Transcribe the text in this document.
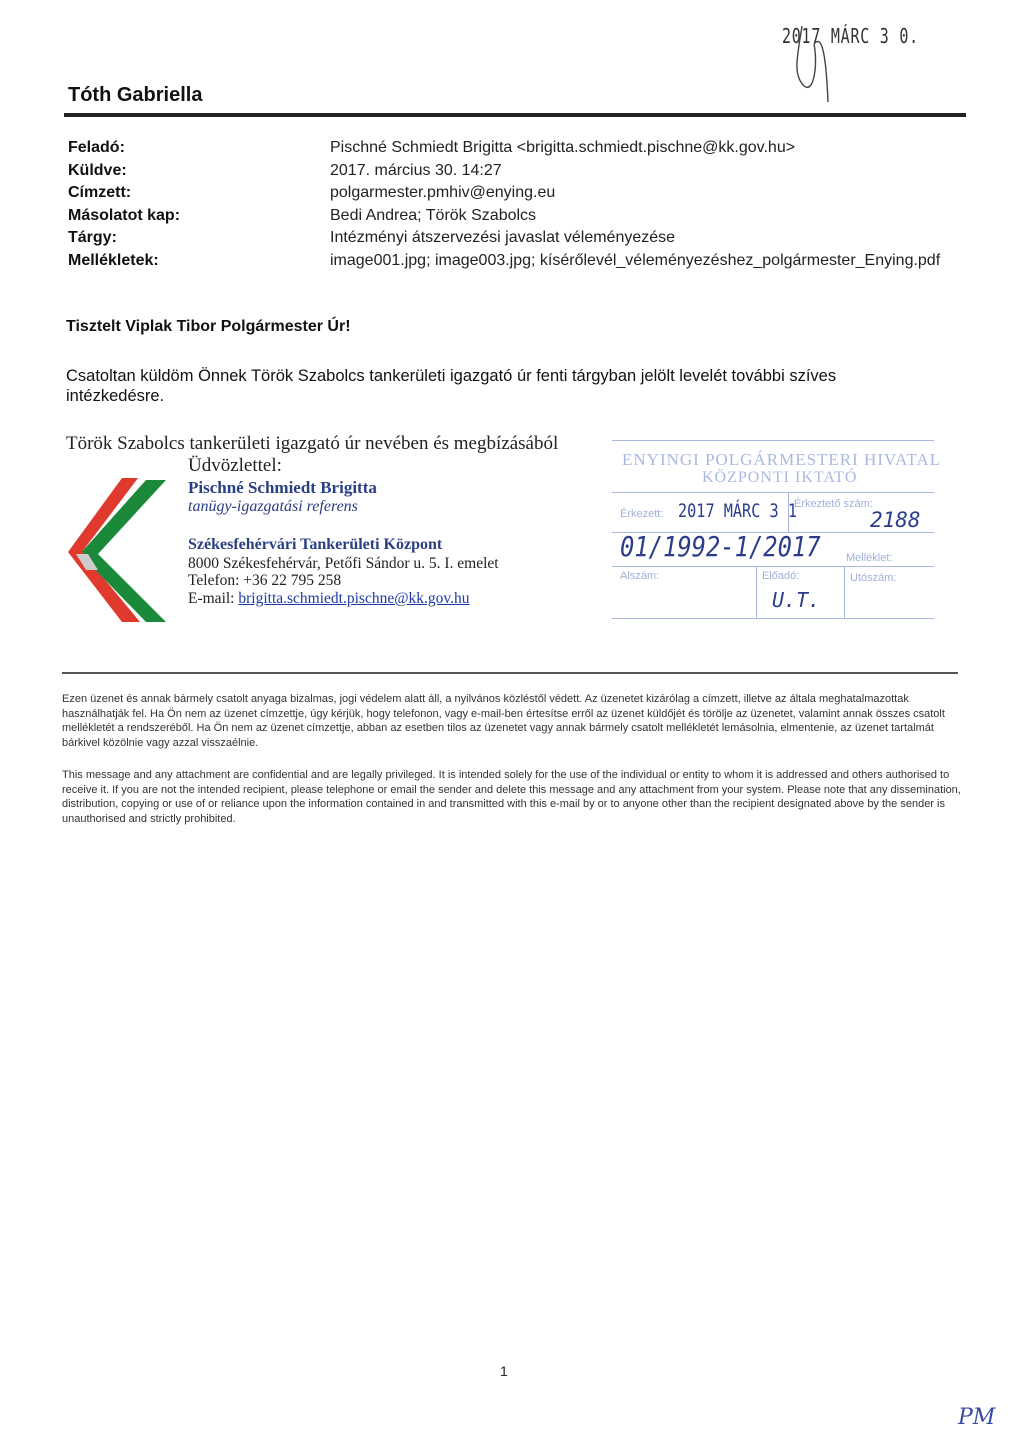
2017 MÁRC 3 0.
Tóth Gabriella
Feladó:
Küldve:
Címzett:
Másolatot kap:
Tárgy:
Mellékletek:
Pischné Schmiedt Brigitta <brigitta.schmiedt.pischne@kk.gov.hu>
2017. március 30. 14:27
polgarmester.pmhiv@enying.eu
Bedi Andrea; Török Szabolcs
Intézményi átszervezési javaslat véleményezése
image001.jpg; image003.jpg; kísérőlevél_véleményezéshez_polgármester_Enying.pdf
Tisztelt Viplak Tibor Polgármester Úr!
Csatoltan küldöm Önnek Török Szabolcs tankerületi igazgató úr fenti tárgyban jelölt levelét további szíves intézkedésre.
Török Szabolcs tankerületi igazgató úr nevében és megbízásából
Üdvözlettel:
Pischné Schmiedt Brigitta
tanügy-igazgatási referens
Székesfehérvári Tankerületi Központ
8000 Székesfehérvár, Petőfi Sándor u. 5. I. emelet
Telefon: +36 22 795 258
E-mail: brigitta.schmiedt.pischne@kk.gov.hu
ENYINGI POLGÁRMESTERI HIVATAL
KÖZPONTI IKTATÓ
Érkezett: 2017 MÁRC 3 1
Érkeztető szám:
2188
01/1992-1/2017 Melléklet:
Alszám:	Előadó:
U.T.
Utószám:
Ezen üzenet és annak bármely csatolt anyaga bizalmas, jogi védelem alatt áll, a nyilvános közléstől védett. Az üzenetet kizárólag a címzett, illetve az általa meghatalmazottak használhatják fel. Ha Ön nem az üzenet címzettje, úgy kérjük, hogy telefonon, vagy e-mail-ben értesítse erről az üzenet küldőjét és törölje az üzenetet, valamint annak összes csatolt mellékletét a rendszeréből. Ha Ön nem az üzenet címzettje, abban az esetben tilos az üzenetet vagy annak bármely csatolt mellékletét lemásolnia, elmentenie, az üzenet tartalmát bárkivel közölnie vagy azzal visszaélnie.
This message and any attachment are confidential and are legally privileged. It is intended solely for the use of the individual or entity to whom it is addressed and others authorised to receive it. If you are not the intended recipient, please telephone or email the sender and delete this message and any attachment from your system. Please note that any dissemination, distribution, copying or use of or reliance upon the information contained in and transmitted with this e-mail by or to anyone other than the recipient designated above by the sender is unauthorised and strictly prohibited.
1
PM
